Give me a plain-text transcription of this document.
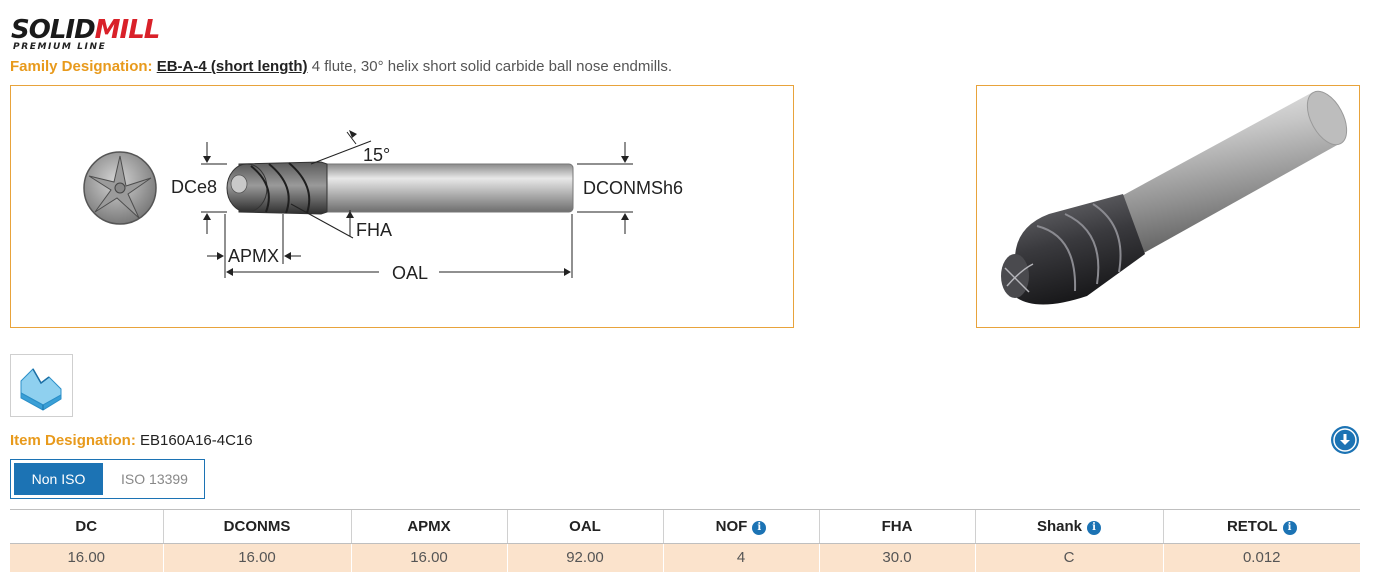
SOLIDMILL
PREMIUM LINE
Family Designation: EB-A-4 (short length) 4 flute, 30° helix short solid carbide ball nose endmills.
DCe8
15°
FHA
DCONMSh6
APMX
OAL
Item Designation: EB160A16-4C16
Non ISO	ISO 13399
DC	DCONMS	APMX	OAL	NOF i	FHA	Shank i	RETOL i
16.00	16.00	16.00	92.00	4	30.0	C	0.012
